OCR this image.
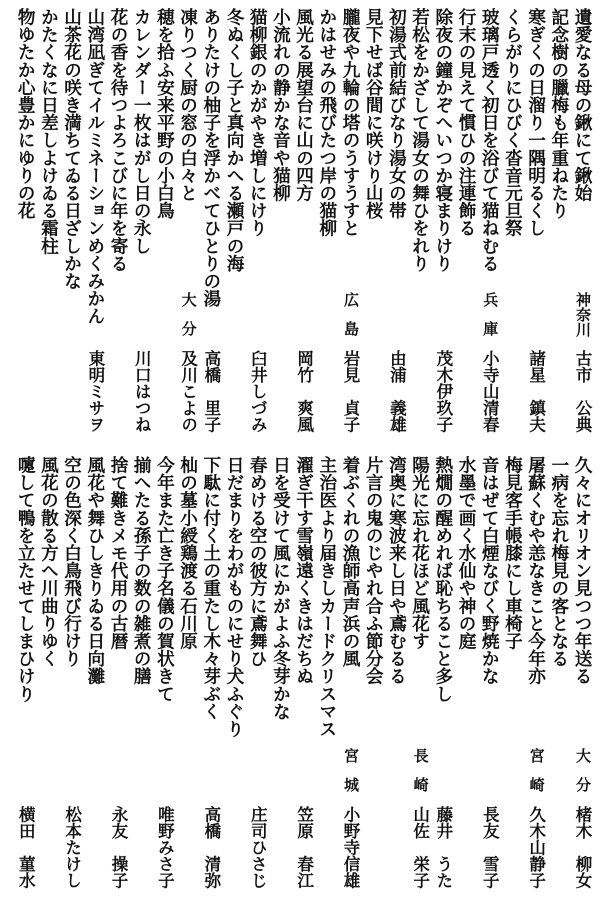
遺愛なる母の鍬にて鍬始
神奈川
古市　公典
記念樹の臘梅も年重ねたり
寒ぎくの日溜り一隅明るくし
諸星　鎮夫
くらがりにひびく沓音元旦祭
玻璃戸透く初日を浴びて猫ねむる
兵庫
小寺山清春
行末の見えて慣ひの注連飾る
除夜の鐘かぞへいつか寝まりけり
茂木伊玖子
若松をかざして湯女の舞ひをれり
初湯式前結びなり湯女の帯
由浦　義雄
見下せば谷間に咲けり山桜
朧夜や九輪の塔のうすうすと
広島
岩見　貞子
かはせみの飛びたつ岸の猫柳
風光る展望台に山の四方
岡竹　爽風
小流れの静かな音や猫柳
猫柳銀のかがやき増しにけり
臼井しづみ
冬ぬくし子と真向かへる瀬戸の海
ありたけの柚子を浮かべてひとりの湯
高橋　里子
凍りつく厨の窓の白々と
大分
及川こよの
穂を拾ふ安来平野の小白鳥
カレンダー一枚はがし日の永し
川口はつね
花の香を待つよろこびに年を寄る
山湾凪ぎてイルミネーションめくみかん
東明ミサヲ
山茶花の咲き満ちてゐる日ざしかな
かたくなに日差しよけゐる霜柱
物ゆたか心豊かにゆりの花
久々にオリオン見つつ年送る
大分
楮木　柳女
一病を忘れ梅見の客となる
屠蘇くむや恙なきこと今年亦
宮崎
久木山静子
梅見客手帳膝にし車椅子
音はぜて白煙なびく野焼かな
長友　雪子
水墨で画く水仙や神の庭
熱燗の醒めれば恥ちること多し
藤井　うた
陽光に忘れ花ほど風花す
長崎
山佐　栄子
湾奥に寒波来し日や鳶むるる
片言の鬼のじやれ合ふ節分会
着ぶくれの漁師高声浜の風
宮城
小野寺信雄
主治医より届きしカードクリスマス
濯ぎ干す雪嶺遠くきはだちぬ
笠原　春江
日を受けて風にかがよふ冬芽かな
春めける空の彼方に鳶舞ひ
庄司ひさじ
日だまりをわがものにせり犬ふぐり
下駄に付く土の重たし木々芽ぶく
高橋　清弥
杣の墓小綬鶏渡る石川原
今年また亡き子名儀の賀状きて
唯野みさ子
揃へたる孫子の数の雑煮の膳
捨て難きメモ代用の古暦
永友　操子
風花や舞ひしきりゐる日向灘
空の色深く白鳥飛び行けり
松本たけし
風花の散る方へ川曲りゆく
嚔して鴨を立たせてしまひけり
横田　菫水
